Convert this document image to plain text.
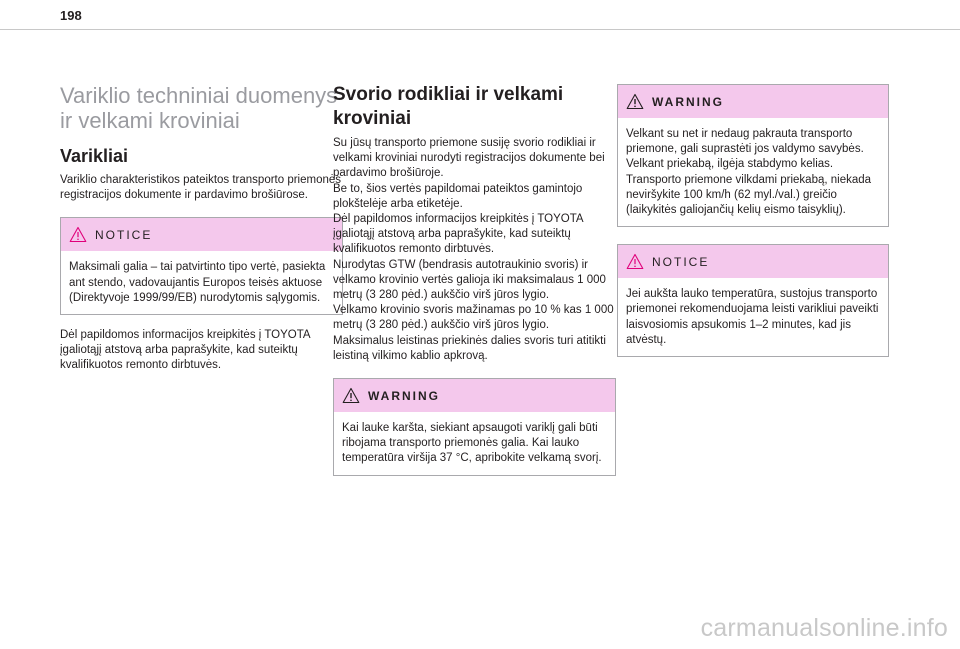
198
Variklio techniniai duomenys ir velkami kroviniai
Varikliai

Variklio charakteristikos pateiktos transporto priemonės registracijos dokumente ir pardavimo brošiūrose.

NOTICE
Maksimali galia – tai patvirtinto tipo vertė, pasiekta ant stendo, vadovaujantis Europos teisės aktuose (Direktyvoje 1999/99/EB) nurodytomis sąlygomis.

Dėl papildomos informacijos kreipkitės į TOYOTA įgaliotąjį atstovą arba paprašykite, kad suteiktų kvalifikuotos remonto dirbtuvės.

Svorio rodikliai ir velkami kroviniai

Su jūsų transporto priemone susiję svorio rodikliai ir velkami kroviniai nurodyti registracijos dokumente bei pardavimo brošiūroje.
Be to, šios vertės papildomai pateiktos gamintojo plokštelėje arba etiketėje.
Dėl papildomos informacijos kreipkitės į TOYOTA įgaliotąjį atstovą arba paprašykite, kad suteiktų kvalifikuotos remonto dirbtuvės.
Nurodytas GTW (bendrasis autotraukinio svoris) ir velkamo krovinio vertės galioja iki maksimalaus 1 000 metrų (3 280 pėd.) aukščio virš jūros lygio.
Velkamo krovinio svoris mažinamas po 10 % kas 1 000 metrų (3 280 pėd.) aukščio virš jūros lygio.
Maksimalus leistinas priekinės dalies svoris turi atitikti leistiną vilkimo kablio apkrovą.

WARNING
Kai lauke karšta, siekiant apsaugoti variklį gali būti ribojama transporto priemonės galia. Kai lauko temperatūra viršija 37 °C, apribokite velkamą svorį.
WARNING
Velkant su net ir nedaug pakrauta transporto priemone, gali suprastėti jos valdymo savybės.
Velkant priekabą, ilgėja stabdymo kelias.
Transporto priemone vilkdami priekabą, niekada neviršykite 100 km/h (62 myl./val.) greičio (laikykitės galiojančių kelių eismo taisyklių).
NOTICE
Jei aukšta lauko temperatūra, sustojus transporto priemonei rekomenduojama leisti varikliui paveikti laisvosiomis apsukomis 1–2 minutes, kad jis atvėstų.
carmanualsonline.info
